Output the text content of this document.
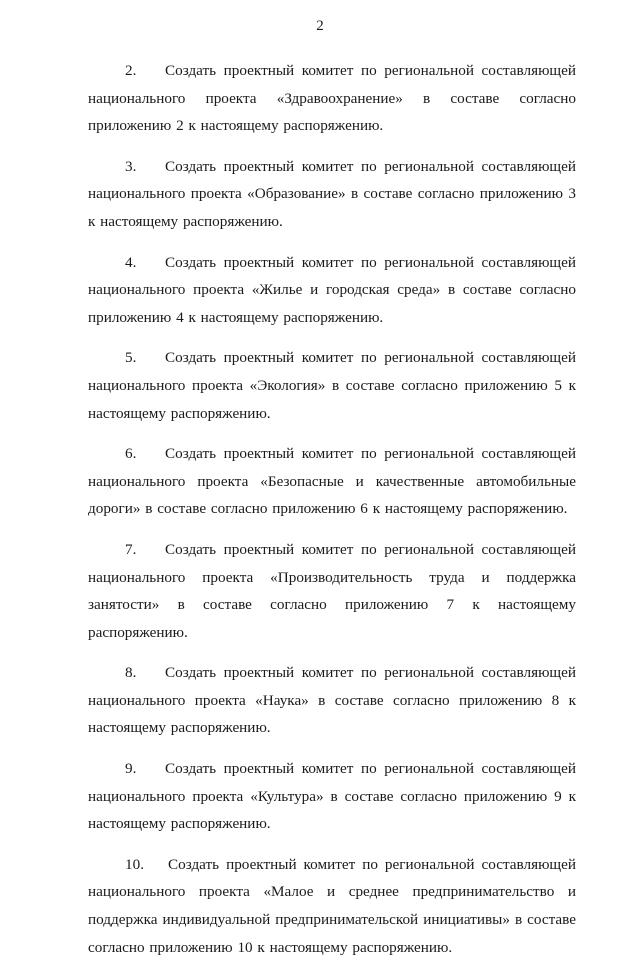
2

2. Создать проектный комитет по региональной составляющей национального проекта «Здравоохранение» в составе согласно приложению 2 к настоящему распоряжению.

3. Создать проектный комитет по региональной составляющей национального проекта «Образование» в составе согласно приложению 3 к настоящему распоряжению.

4. Создать проектный комитет по региональной составляющей национального проекта «Жилье и городская среда» в составе согласно приложению 4 к настоящему распоряжению.

5. Создать проектный комитет по региональной составляющей национального проекта «Экология» в составе согласно приложению 5 к настоящему распоряжению.

6. Создать проектный комитет по региональной составляющей национального проекта «Безопасные и качественные автомобильные дороги» в составе согласно приложению 6 к настоящему распоряжению.

7. Создать проектный комитет по региональной составляющей национального проекта «Производительность труда и поддержка занятости» в составе согласно приложению 7 к настоящему распоряжению.

8. Создать проектный комитет по региональной составляющей национального проекта «Наука» в составе согласно приложению 8 к настоящему распоряжению.

9. Создать проектный комитет по региональной составляющей национального проекта «Культура» в составе согласно приложению 9 к настоящему распоряжению.

10. Создать проектный комитет по региональной составляющей национального проекта «Малое и среднее предпринимательство и поддержка индивидуальной предпринимательской инициативы» в составе согласно приложению 10 к настоящему распоряжению.
